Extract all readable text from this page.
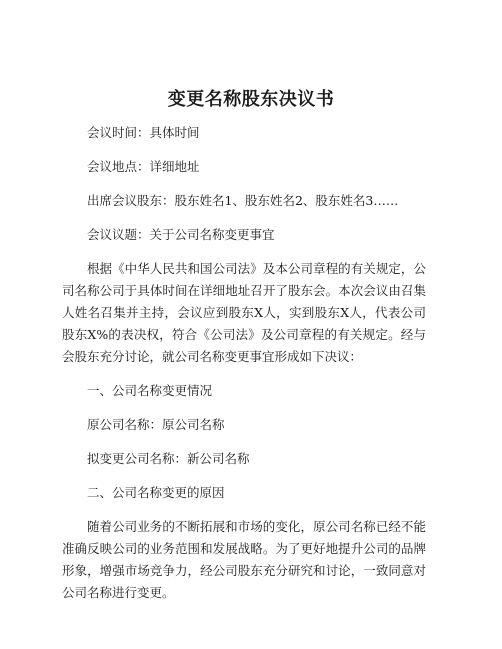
变更名称股东决议书

会议时间：具体时间

会议地点：详细地址

出席会议股东：股东姓名1、股东姓名2、股东姓名3……

会议议题：关于公司名称变更事宜

根据《中华人民共和国公司法》及本公司章程的有关规定，公司名称公司于具体时间在详细地址召开了股东会。本次会议由召集人姓名召集并主持，会议应到股东X人，实到股东X人，代表公司股东X%的表决权，符合《公司法》及公司章程的有关规定。经与会股东充分讨论，就公司名称变更事宜形成如下决议：

一、公司名称变更情况

原公司名称：原公司名称

拟变更公司名称：新公司名称

二、公司名称变更的原因

随着公司业务的不断拓展和市场的变化，原公司名称已经不能准确反映公司的业务范围和发展战略。为了更好地提升公司的品牌形象，增强市场竞争力，经公司股东充分研究和讨论，一致同意对公司名称进行变更。
